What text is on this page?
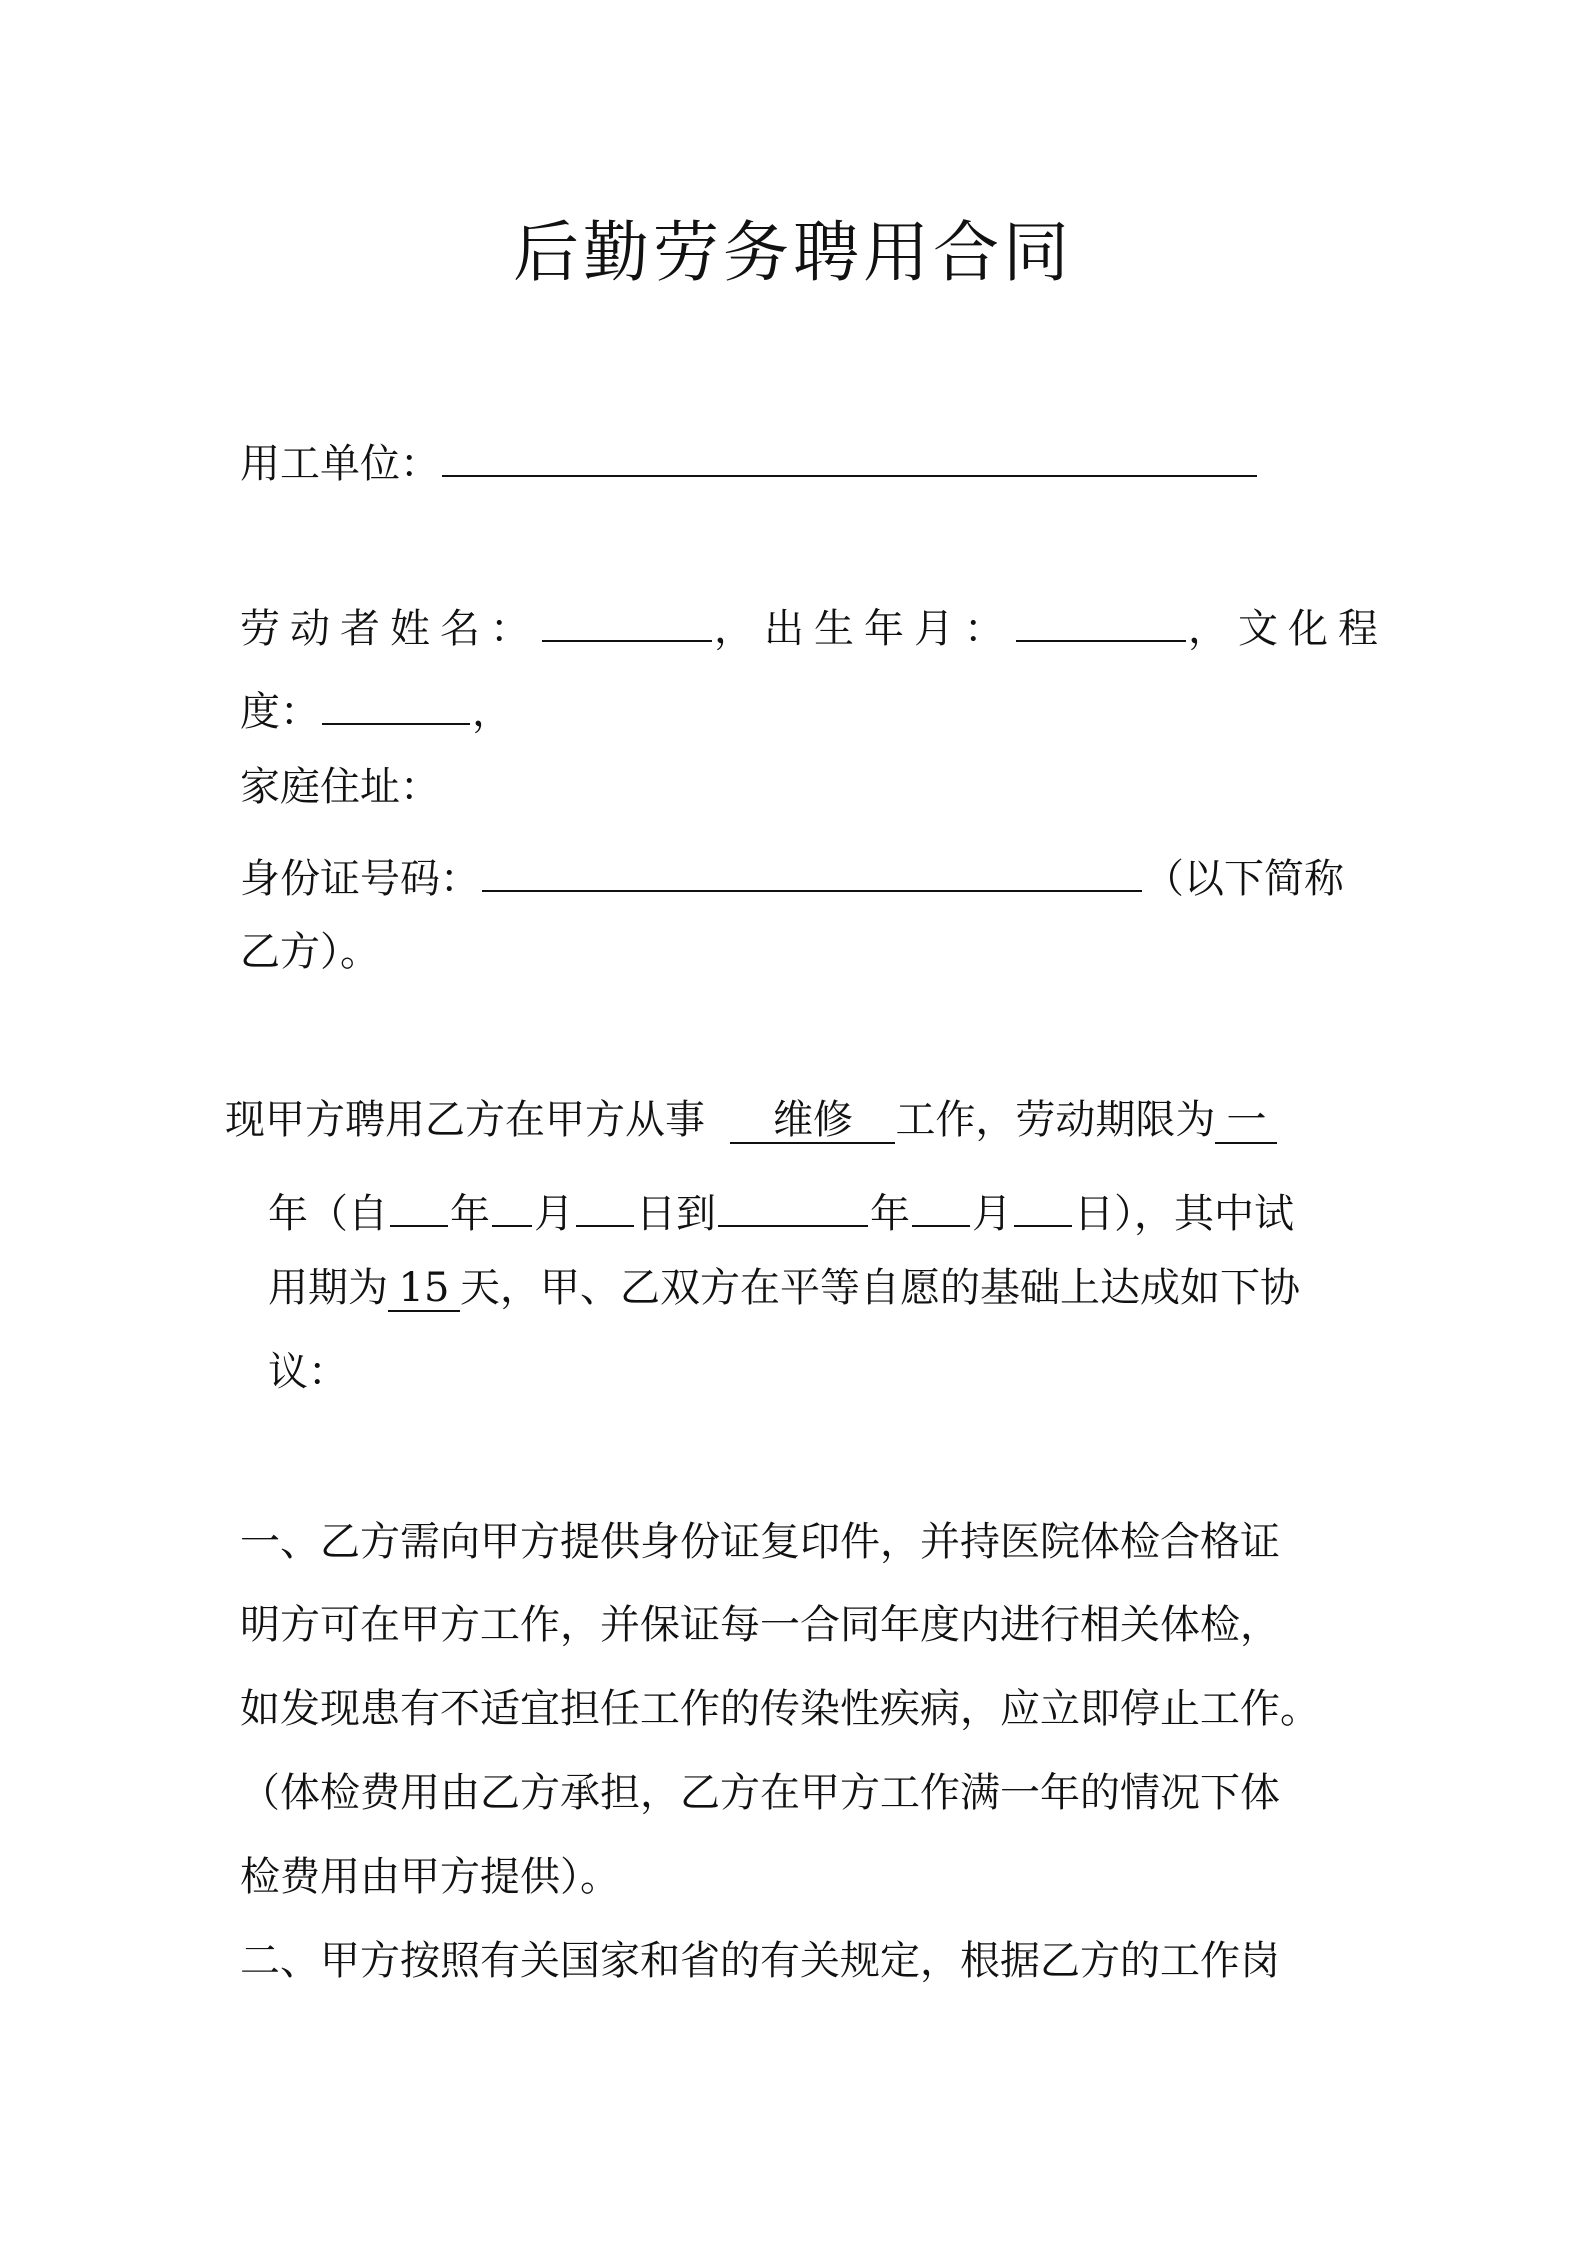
后勤劳务聘用合同
用工单位：
劳动者姓名：	，出生年月：	，文化程
度：	，
家庭住址：
身份证号码：	（以下简称
乙方）。
现甲方聘用乙方在甲方从事 维修 工作，劳动期限为 一
年（自 年 月 日到	年 月 日），其中试
用期为 15 天，甲、乙双方在平等自愿的基础上达成如下协
议：
一、乙方需向甲方提供身份证复印件，并持医院体检合格证
明方可在甲方工作，并保证每一合同年度内进行相关体检，
如发现患有不适宜担任工作的传染性疾病，应立即停止工作。
（体检费用由乙方承担，乙方在甲方工作满一年的情况下体
检费用由甲方提供）。
二、甲方按照有关国家和省的有关规定，根据乙方的工作岗
